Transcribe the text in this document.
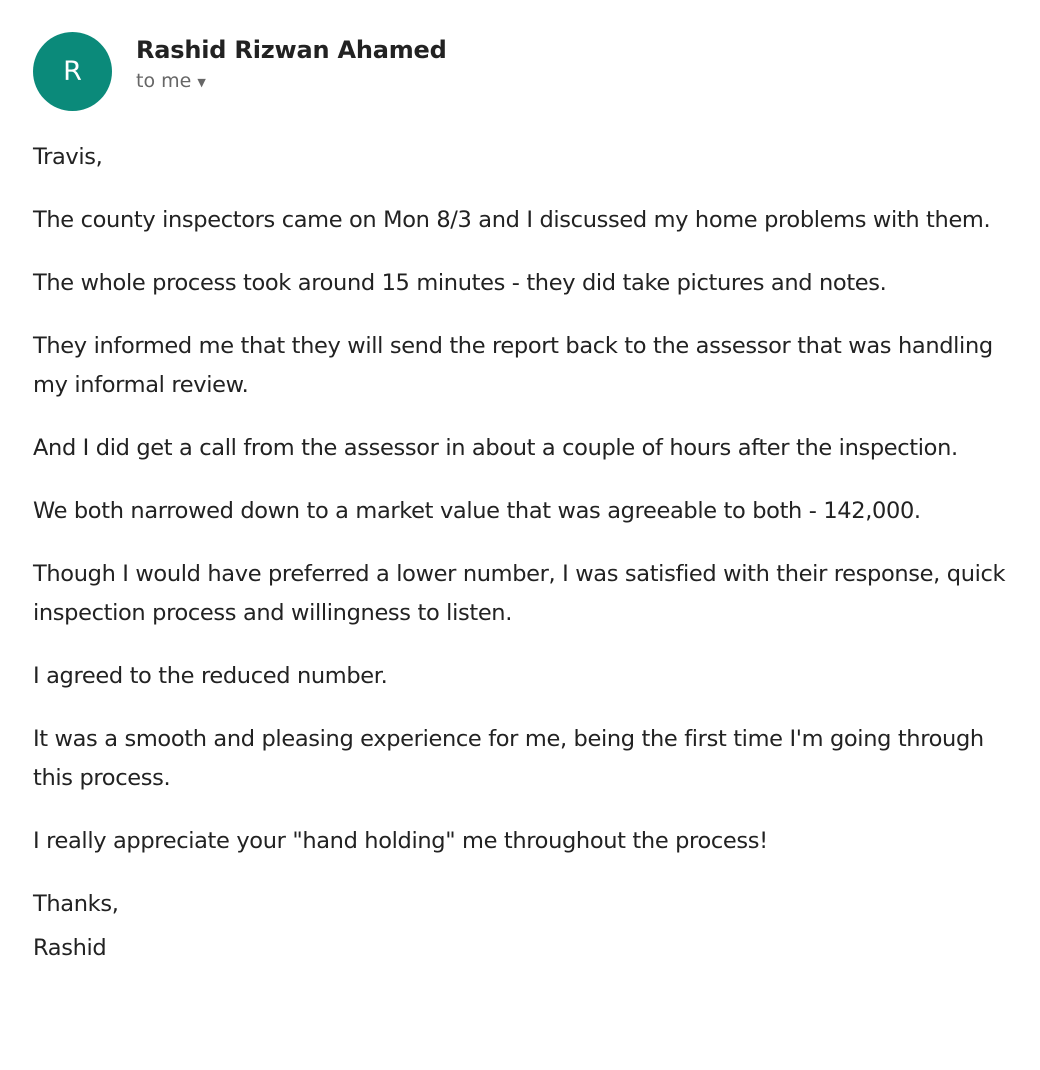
R
Rashid Rizwan Ahamed
to me ▼

Travis,

The county inspectors came on Mon 8/3 and I discussed my home problems with them.

The whole process took around 15 minutes - they did take pictures and notes.

They informed me that they will send the report back to the assessor that was handling my informal review.

And I did get a call from the assessor in about a couple of hours after the inspection.

We both narrowed down to a market value that was agreeable to both - 142,000.

Though I would have preferred a lower number, I was satisfied with their response, quick inspection process and willingness to listen.

I agreed to the reduced number.

It was a smooth and pleasing experience for me, being the first time I'm going through this process.

I really appreciate your "hand holding" me throughout the process!

Thanks,

Rashid
